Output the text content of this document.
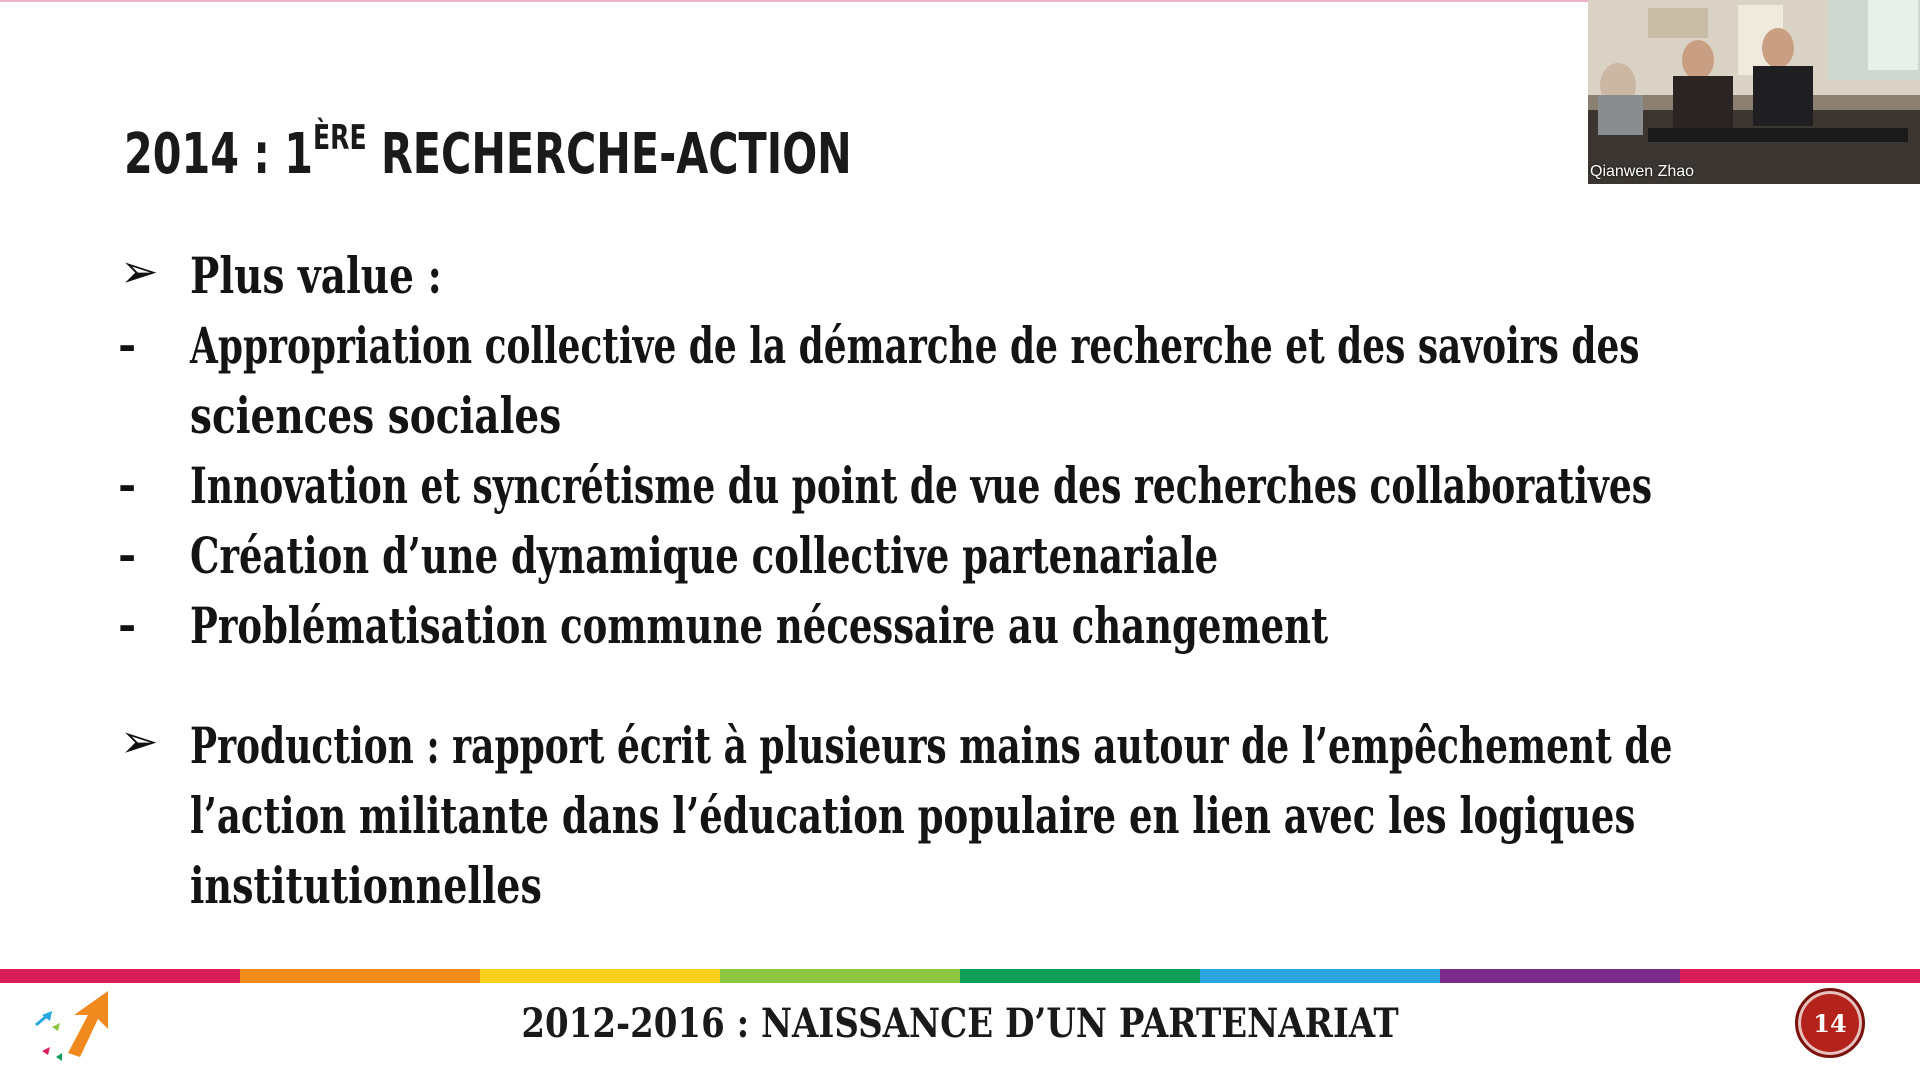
2014 : 1ÈRE RECHERCHE-ACTION
➢ Plus value :
- Appropriation collective de la démarche de recherche et des savoirs des
sciences sociales
- Innovation et syncrétisme du point de vue des recherches collaboratives
- Création d’une dynamique collective partenariale
- Problématisation commune nécessaire au changement
➢ Production : rapport écrit à plusieurs mains autour de l’empêchement de
l’action militante dans l’éducation populaire en lien avec les logiques
institutionnelles
2012-2016 : NAISSANCE D’UN PARTENARIAT	14
Qianwen Zhao
